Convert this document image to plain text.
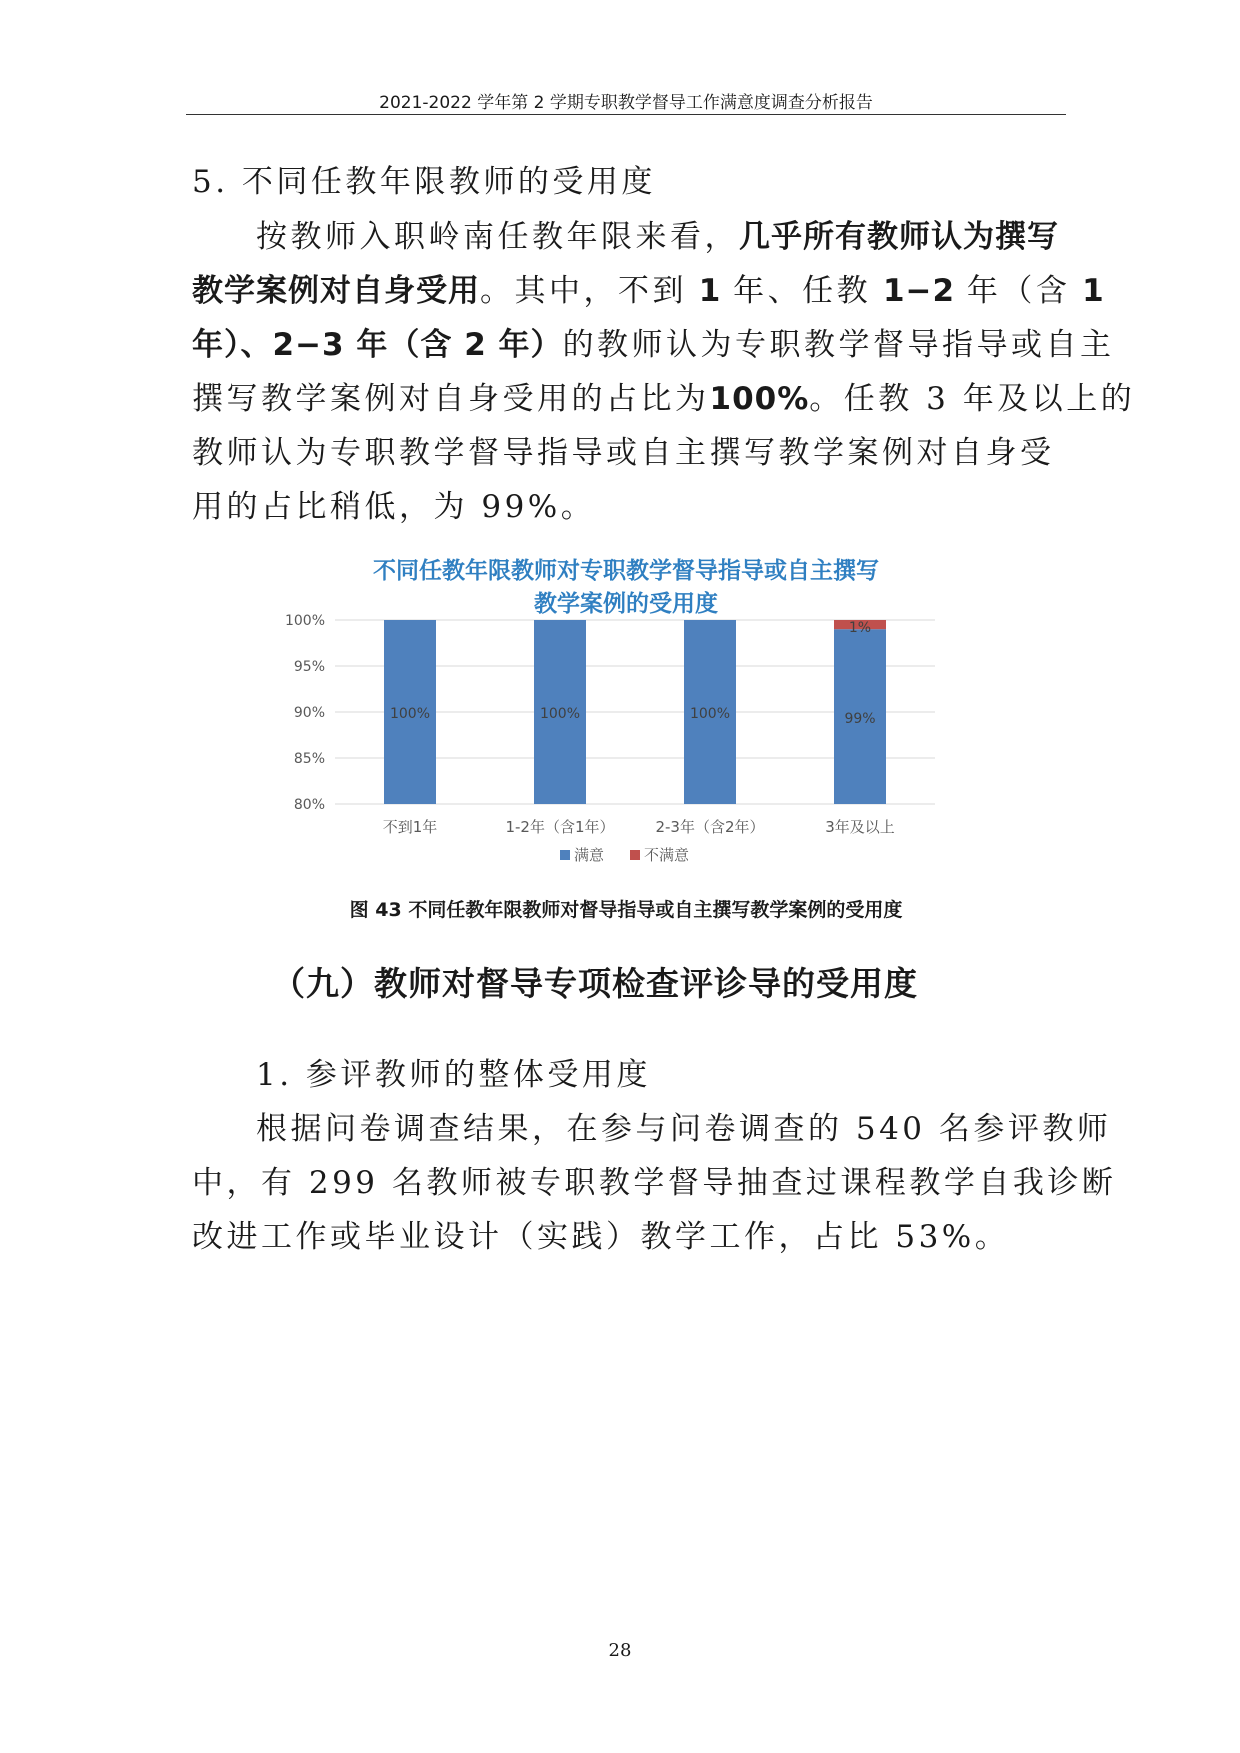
2021-2022 学年第 2 学期专职教学督导工作满意度调查分析报告
5. 不同任教年限教师的受用度
按教师入职岭南任教年限来看，几乎所有教师认为撰写
教学案例对自身受用。其中，不到 1 年、任教 1−2 年（含 1
年）、2−3 年（含 2 年）的教师认为专职教学督导指导或自主
撰写教学案例对自身受用的占比为100%。任教 3 年及以上的
教师认为专职教学督导指导或自主撰写教学案例对自身受
用的占比稍低，为 99%。
不同任教年限教师对专职教学督导指导或自主撰写
教学案例的受用度
80%
85%
90%
95%
100%
100%
不到1年
100%
1-2年（含1年）
100%
2-3年（含2年）
99%
1%
3年及以上
满意	不满意
图 43 不同任教年限教师对督导指导或自主撰写教学案例的受用度
（九）教师对督导专项检查评诊导的受用度
1. 参评教师的整体受用度
根据问卷调查结果，在参与问卷调查的 540 名参评教师
中，有 299 名教师被专职教学督导抽查过课程教学自我诊断
改进工作或毕业设计（实践）教学工作，占比 53%。
28
